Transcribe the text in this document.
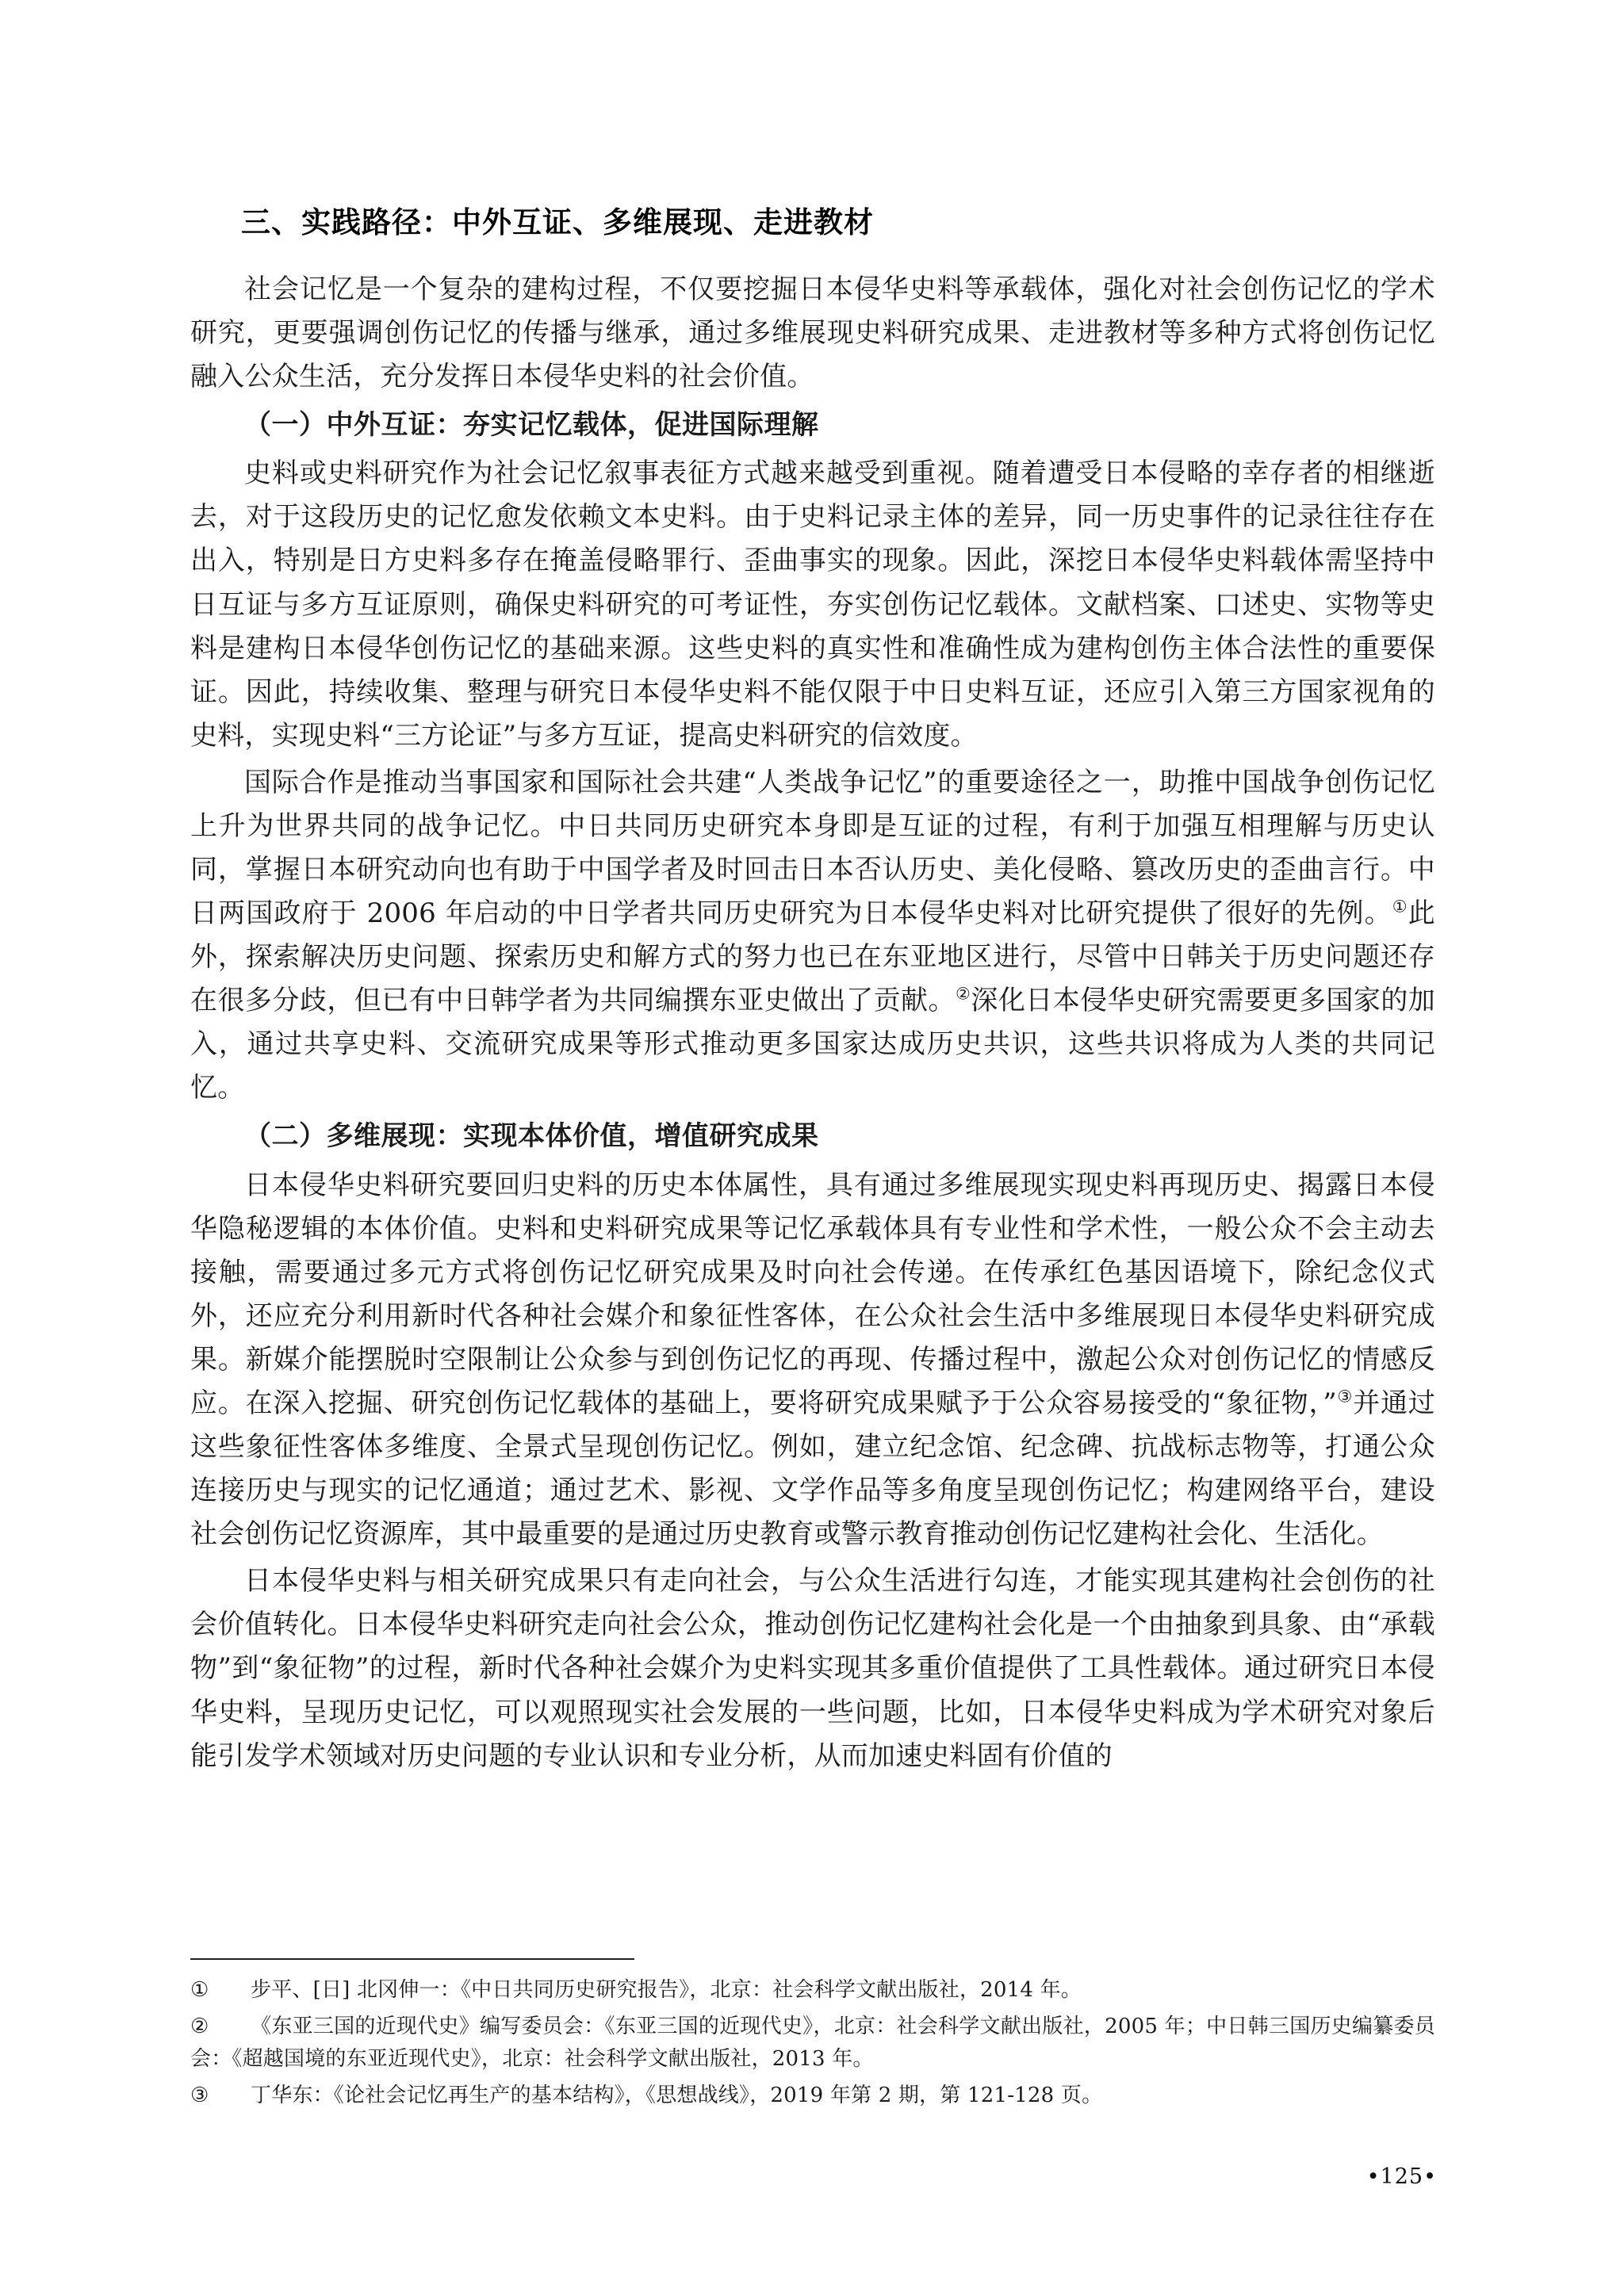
三、实践路径：中外互证、多维展现、走进教材

社会记忆是一个复杂的建构过程，不仅要挖掘日本侵华史料等承载体，强化对社会创伤记忆的学术研究，更要强调创伤记忆的传播与继承，通过多维展现史料研究成果、走进教材等多种方式将创伤记忆融入公众生活，充分发挥日本侵华史料的社会价值。

（一）中外互证：夯实记忆载体，促进国际理解

史料或史料研究作为社会记忆叙事表征方式越来越受到重视。随着遭受日本侵略的幸存者的相继逝去，对于这段历史的记忆愈发依赖文本史料。由于史料记录主体的差异，同一历史事件的记录往往存在出入，特别是日方史料多存在掩盖侵略罪行、歪曲事实的现象。因此，深挖日本侵华史料载体需坚持中日互证与多方互证原则，确保史料研究的可考证性，夯实创伤记忆载体。文献档案、口述史、实物等史料是建构日本侵华创伤记忆的基础来源。这些史料的真实性和准确性成为建构创伤主体合法性的重要保证。因此，持续收集、整理与研究日本侵华史料不能仅限于中日史料互证，还应引入第三方国家视角的史料，实现史料“三方论证”与多方互证，提高史料研究的信效度。

国际合作是推动当事国家和国际社会共建“人类战争记忆”的重要途径之一，助推中国战争创伤记忆上升为世界共同的战争记忆。中日共同历史研究本身即是互证的过程，有利于加强互相理解与历史认同，掌握日本研究动向也有助于中国学者及时回击日本否认历史、美化侵略、篡改历史的歪曲言行。中日两国政府于 2006 年启动的中日学者共同历史研究为日本侵华史料对比研究提供了很好的先例。①此外，探索解决历史问题、探索历史和解方式的努力也已在东亚地区进行，尽管中日韩关于历史问题还存在很多分歧，但已有中日韩学者为共同编撰东亚史做出了贡献。②深化日本侵华史研究需要更多国家的加入，通过共享史料、交流研究成果等形式推动更多国家达成历史共识，这些共识将成为人类的共同记忆。

（二）多维展现：实现本体价值，增值研究成果

日本侵华史料研究要回归史料的历史本体属性，具有通过多维展现实现史料再现历史、揭露日本侵华隐秘逻辑的本体价值。史料和史料研究成果等记忆承载体具有专业性和学术性，一般公众不会主动去接触，需要通过多元方式将创伤记忆研究成果及时向社会传递。在传承红色基因语境下，除纪念仪式外，还应充分利用新时代各种社会媒介和象征性客体，在公众社会生活中多维展现日本侵华史料研究成果。新媒介能摆脱时空限制让公众参与到创伤记忆的再现、传播过程中，激起公众对创伤记忆的情感反应。在深入挖掘、研究创伤记忆载体的基础上，要将研究成果赋予于公众容易接受的“象征物，”③并通过这些象征性客体多维度、全景式呈现创伤记忆。例如，建立纪念馆、纪念碑、抗战标志物等，打通公众连接历史与现实的记忆通道；通过艺术、影视、文学作品等多角度呈现创伤记忆；构建网络平台，建设社会创伤记忆资源库，其中最重要的是通过历史教育或警示教育推动创伤记忆建构社会化、生活化。

日本侵华史料与相关研究成果只有走向社会，与公众生活进行勾连，才能实现其建构社会创伤的社会价值转化。日本侵华史料研究走向社会公众，推动创伤记忆建构社会化是一个由抽象到具象、由“承载物”到“象征物”的过程，新时代各种社会媒介为史料实现其多重价值提供了工具性载体。通过研究日本侵华史料，呈现历史记忆，可以观照现实社会发展的一些问题，比如，日本侵华史料成为学术研究对象后能引发学术领域对历史问题的专业认识和专业分析，从而加速史料固有价值的

① 步平、[日] 北冈伸一：《中日共同历史研究报告》，北京：社会科学文献出版社，2014 年。

② 《东亚三国的近现代史》编写委员会：《东亚三国的近现代史》，北京：社会科学文献出版社，2005 年；中日韩三国历史编纂委员会：《超越国境的东亚近现代史》，北京：社会科学文献出版社，2013 年。

③ 丁华东：《论社会记忆再生产的基本结构》，《思想战线》，2019 年第 2 期，第 121-128 页。

•125•
